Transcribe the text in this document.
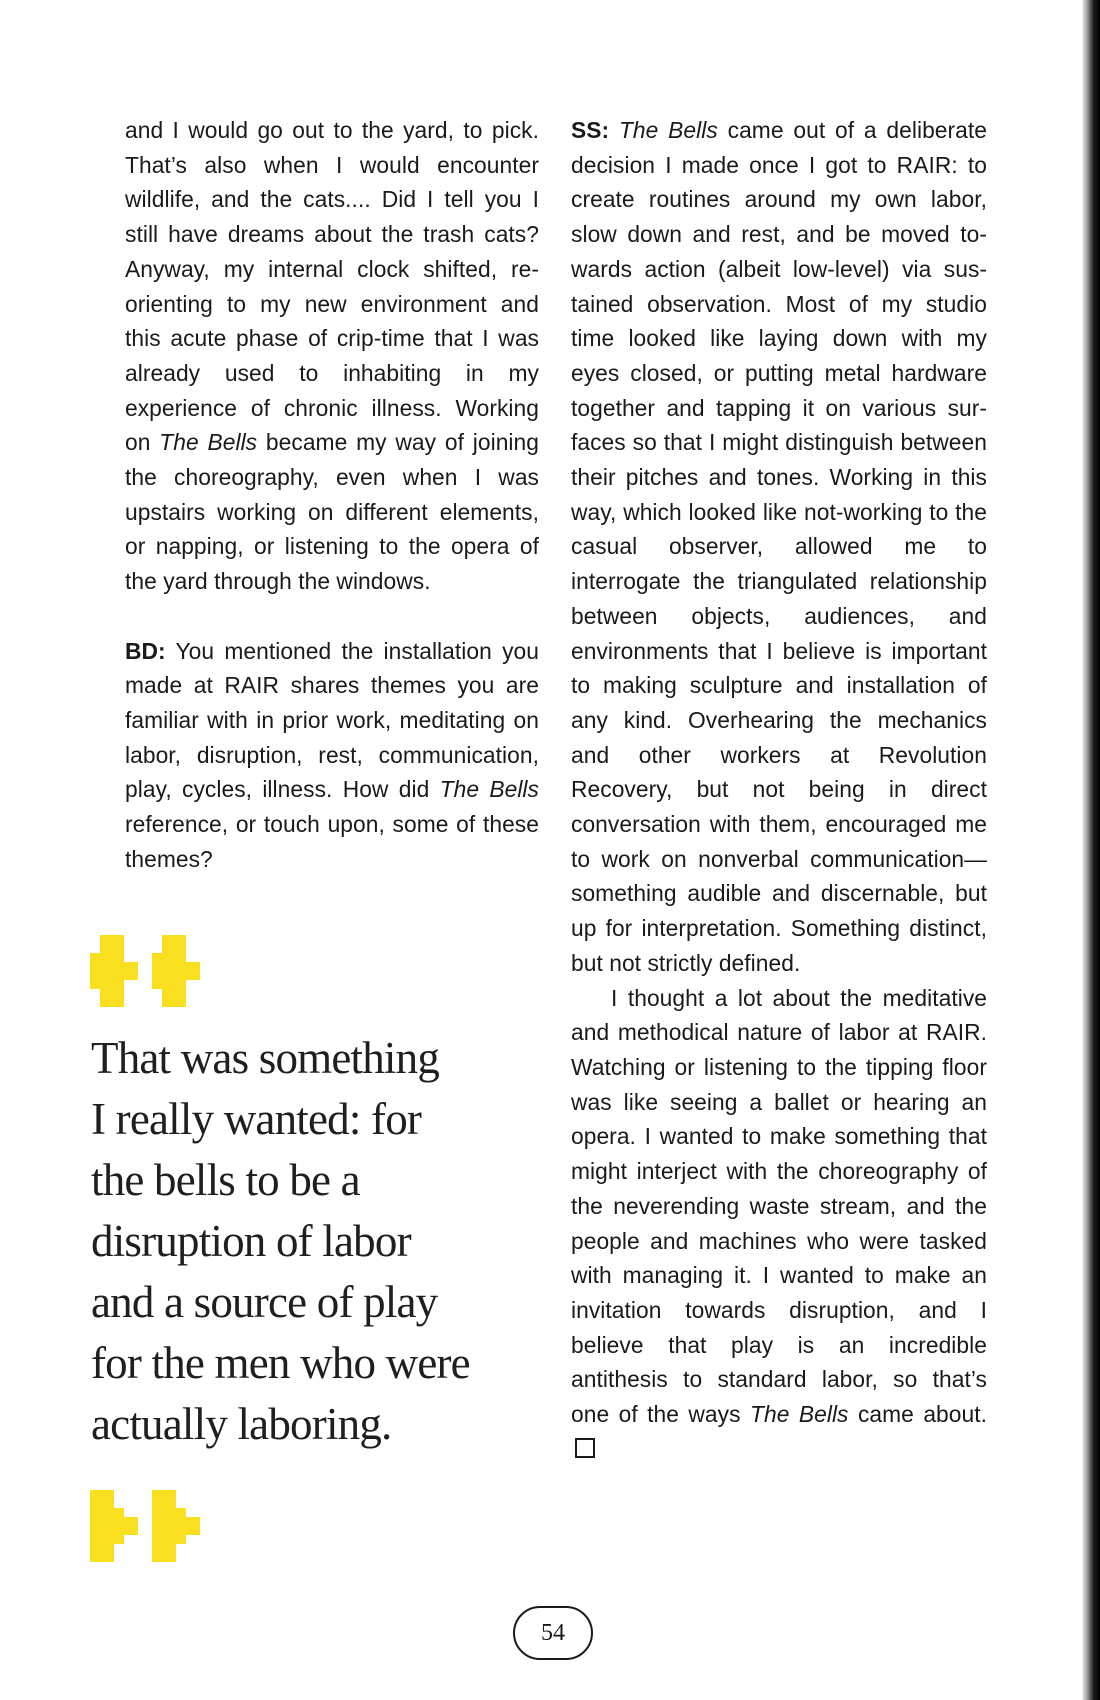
and I would go out to the yard, to pick. That’s also when I would encounter wildlife, and the cats.... Did I tell you I still have dreams about the trash cats? Anyway, my internal clock shifted, reorienting to my new environment and this acute phase of crip-time that I was already used to inhabiting in my experience of chronic illness. Working on The Bells became my way of joining the choreography, even when I was upstairs working on different elements, or napping, or listening to the opera of the yard through the windows.

BD: You mentioned the installation you made at RAIR shares themes you are familiar with in prior work, meditating on labor, disruption, rest, communication, play, cycles, illness. How did The Bells reference, or touch upon, some of these themes?

That was something
I really wanted: for
the bells to be a
disruption of labor
and a source of play
for the men who were
actually laboring.

SS: The Bells came out of a deliberate decision I made once I got to RAIR: to create routines around my own labor, slow down and rest, and be moved towards action (albeit low-level) via sustained observation. Most of my studio time looked like laying down with my eyes closed, or putting metal hardware together and tapping it on various surfaces so that I might distinguish between their pitches and tones. Working in this way, which looked like not-working to the casual observer, allowed me to interrogate the triangulated relationship between objects, audiences, and environments that I believe is important to making sculpture and installation of any kind. Overhearing the mechanics and other workers at Revolution Recovery, but not being in direct conversation with them, encouraged me to work on nonverbal communication—something audible and discernable, but up for interpretation. Something distinct, but not strictly defined.

I thought a lot about the meditative and methodical nature of labor at RAIR. Watching or listening to the tipping floor was like seeing a ballet or hearing an opera. I wanted to make something that might interject with the choreography of the neverending waste stream, and the people and machines who were tasked with managing it. I wanted to make an invitation towards disruption, and I believe that play is an incredible antithesis to standard labor, so that’s one of the ways The Bells came about.

54
